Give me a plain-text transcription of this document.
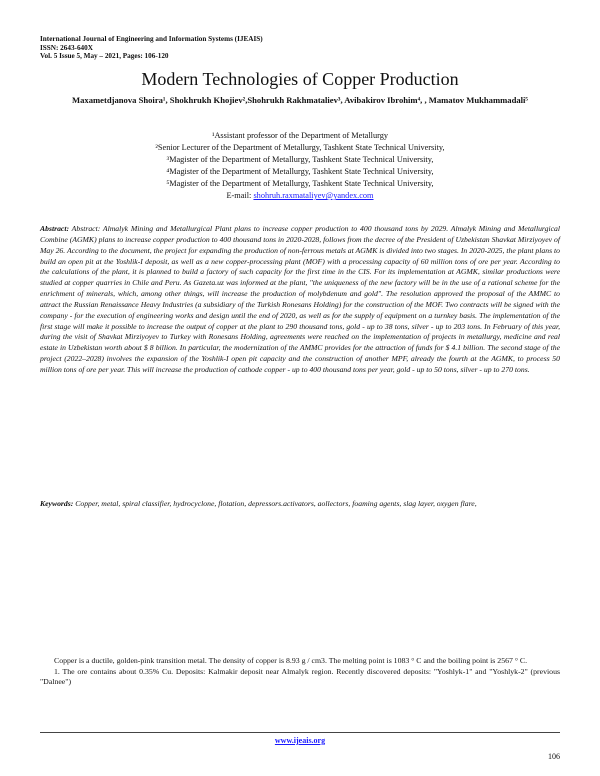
International Journal of Engineering and Information Systems (IJEAIS)
ISSN: 2643-640X
Vol. 5 Issue 5, May – 2021, Pages: 106-120
Modern Technologies of Copper Production
Maxametdjanova Shoira¹, Shokhrukh Khojiev²,Shohrukh Rakhmataliev³, Avibakirov Ibrohim⁴, , Mamatov Mukhammadali⁵
¹Assistant professor of the Department of Metallurgy
²Senior Lecturer of the Department of Metallurgy, Tashkent State Technical University,
³Magister of the Department of Metallurgy, Tashkent State Technical University,
⁴Magister of the Department of Metallurgy, Tashkent State Technical University,
⁵Magister of the Department of Metallurgy, Tashkent State Technical University,
E-mail: shohruh.raxmataliyev@yandex.com
Abstract: Abstract: Almalyk Mining and Metallurgical Plant plans to increase copper production to 400 thousand tons by 2029. Almalyk Mining and Metallurgical Combine (AGMK) plans to increase copper production to 400 thousand tons in 2020-2028, follows from the decree of the President of Uzbekistan Shavkat Mirziyoyev of May 26. According to the document, the project for expanding the production of non-ferrous metals at AGMK is divided into two stages. In 2020-2025, the plant plans to build an open pit at the Yoshlik-I deposit, as well as a new copper-processing plant (MOF) with a processing capacity of 60 million tons of ore per year. According to the calculations of the plant, it is planned to build a factory of such capacity for the first time in the CIS. For its implementation at AGMK, similar productions were studied at copper quarries in Chile and Peru. As Gazeta.uz was informed at the plant, "the uniqueness of the new factory will be in the use of a rational scheme for the enrichment of minerals, which, among other things, will increase the production of molybdenum and gold". The resolution approved the proposal of the AMMC to attract the Russian Renaissance Heavy Industries (a subsidiary of the Turkish Ronesans Holding) for the construction of the MOF. Two contracts will be signed with the company - for the execution of engineering works and design until the end of 2020, as well as for the supply of equipment on a turnkey basis. The implementation of the first stage will make it possible to increase the output of copper at the plant to 290 thousand tons, gold - up to 38 tons, silver - up to 203 tons. In February of this year, during the visit of Shavkat Mirziyoyev to Turkey with Ronesans Holding, agreements were reached on the implementation of projects in metallurgy, medicine and real estate in Uzbekistan worth about $ 8 billion. In particular, the modernization of the AMMC provides for the attraction of funds for $ 4.1 billion. The second stage of the project (2022–2028) involves the expansion of the Yoshlik-I open pit capacity and the construction of another MPF, already the fourth at the AGMK, to process 50 million tons of ore per year. This will increase the production of cathode copper - up to 400 thousand tons per year, gold - up to 50 tons, silver - up to 270 tons.
Keywords: Copper, metal, spiral classifier, hydrocyclone, flotation, depressors.activators, aollectors, foaming agents, slag layer, oxygen flare,

Copper is a ductile, golden-pink transition metal. The density of copper is 8.93 g / cm3. The melting point is 1083 ° C and the boiling point is 2567 ° C.

1. The ore contains about 0.35% Cu. Deposits: Kalmakir deposit near Almalyk region. Recently discovered deposits: "Yoshlyk-1" and "Yoshlyk-2" (previous "Dalnee")

www.ijeais.org
106
